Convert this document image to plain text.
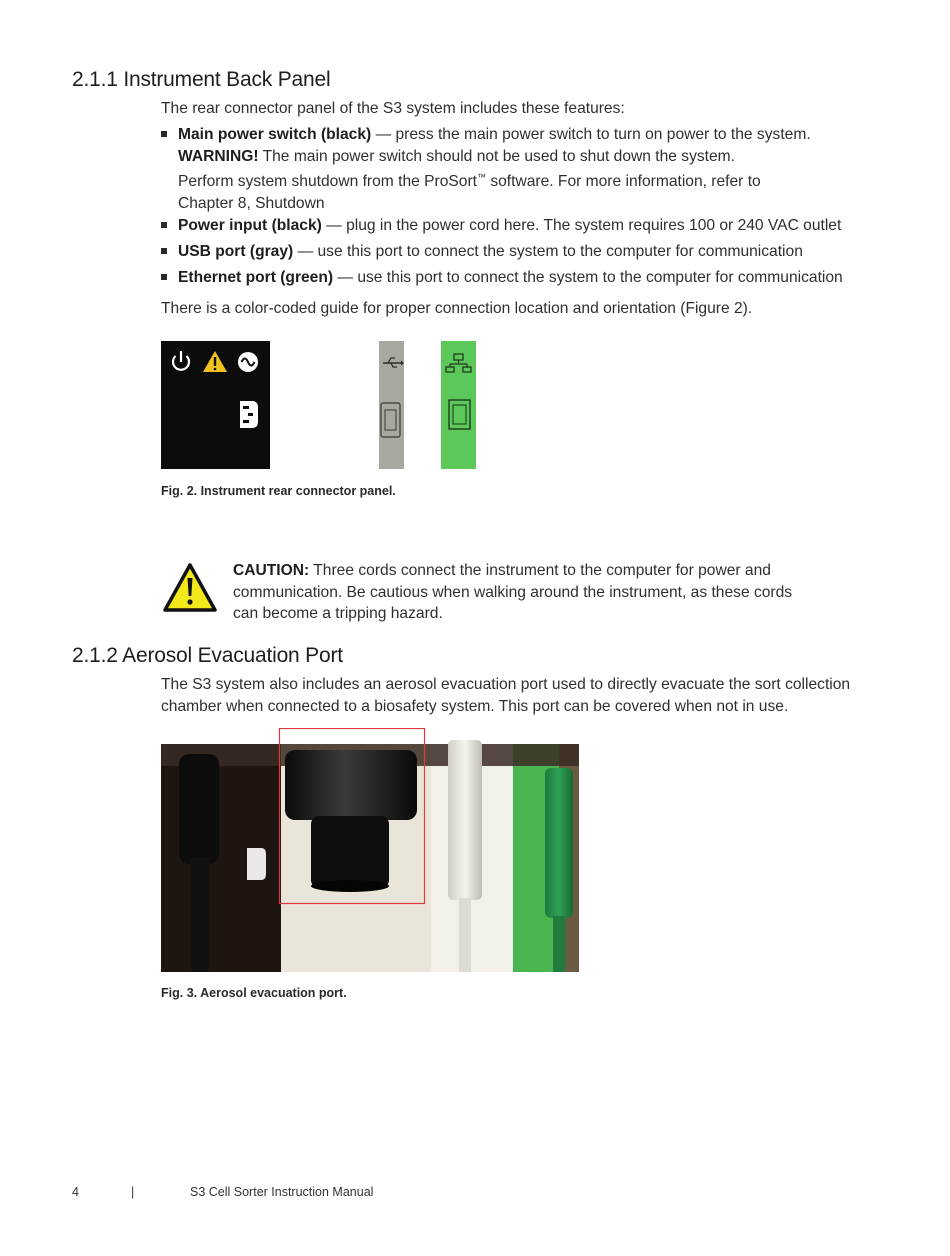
2.1.1 Instrument Back Panel
The rear connector panel of the S3 system includes these features:
Main power switch (black) — press the main power switch to turn on power to the system.
WARNING! The main power switch should not be used to shut down the system.
Perform system shutdown from the ProSort™ software. For more information, refer to
Chapter 8, Shutdown
Power input (black) — plug in the power cord here. The system requires 100 or 240 VAC outlet
USB port (gray) — use this port to connect the system to the computer for communication
Ethernet port (green) — use this port to connect the system to the computer for communication
There is a color-coded guide for proper connection location and orientation (Figure 2).
Fig. 2. Instrument rear connector panel.
CAUTION: Three cords connect the instrument to the computer for power and
communication. Be cautious when walking around the instrument, as these cords
can become a tripping hazard.
2.1.2 Aerosol Evacuation Port
The S3 system also includes an aerosol evacuation port used to directly evacuate the sort collection
chamber when connected to a biosafety system. This port can be covered when not in use.
Fig. 3. Aerosol evacuation port.
4	|	S3 Cell Sorter Instruction Manual
